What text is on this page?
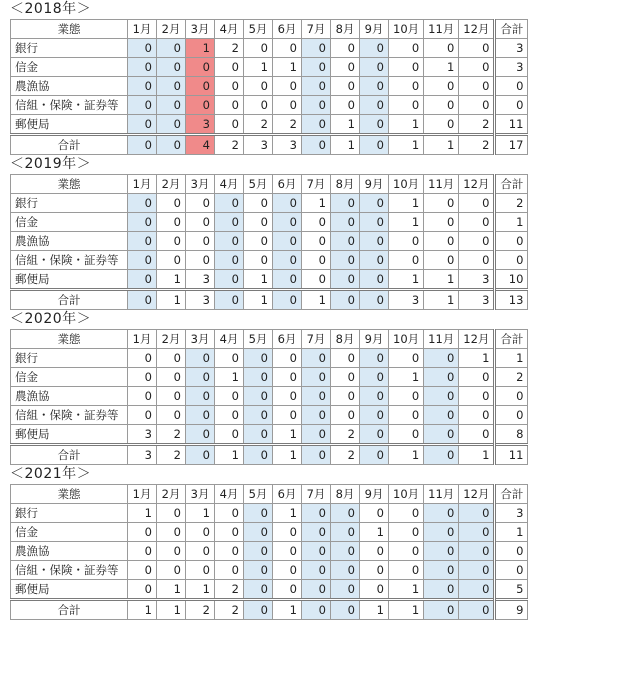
＜2018年＞
業態	1月	2月	3月	4月	5月	6月	7月	8月	9月	10月	11月	12月	合計
銀行	0	0	1	2	0	0	0	0	0	0	0	0	3
信金	0	0	0	0	1	1	0	0	0	0	1	0	3
農漁協	0	0	0	0	0	0	0	0	0	0	0	0	0
信組・保険・証券等	0	0	0	0	0	0	0	0	0	0	0	0	0
郵便局	0	0	3	0	2	2	0	1	0	1	0	2	11
合計	0	0	4	2	3	3	0	1	0	1	1	2	17
＜2019年＞
業態	1月	2月	3月	4月	5月	6月	7月	8月	9月	10月	11月	12月	合計
銀行	0	0	0	0	0	0	1	0	0	1	0	0	2
信金	0	0	0	0	0	0	0	0	0	1	0	0	1
農漁協	0	0	0	0	0	0	0	0	0	0	0	0	0
信組・保険・証券等	0	0	0	0	0	0	0	0	0	0	0	0	0
郵便局	0	1	3	0	1	0	0	0	0	1	1	3	10
合計	0	1	3	0	1	0	1	0	0	3	1	3	13
＜2020年＞
業態	1月	2月	3月	4月	5月	6月	7月	8月	9月	10月	11月	12月	合計
銀行	0	0	0	0	0	0	0	0	0	0	0	1	1
信金	0	0	0	1	0	0	0	0	0	1	0	0	2
農漁協	0	0	0	0	0	0	0	0	0	0	0	0	0
信組・保険・証券等	0	0	0	0	0	0	0	0	0	0	0	0	0
郵便局	3	2	0	0	0	1	0	2	0	0	0	0	8
合計	3	2	0	1	0	1	0	2	0	1	0	1	11
＜2021年＞
業態	1月	2月	3月	4月	5月	6月	7月	8月	9月	10月	11月	12月	合計
銀行	1	0	1	0	0	1	0	0	0	0	0	0	3
信金	0	0	0	0	0	0	0	0	1	0	0	0	1
農漁協	0	0	0	0	0	0	0	0	0	0	0	0	0
信組・保険・証券等	0	0	0	0	0	0	0	0	0	0	0	0	0
郵便局	0	1	1	2	0	0	0	0	0	1	0	0	5
合計	1	1	2	2	0	1	0	0	1	1	0	0	9
